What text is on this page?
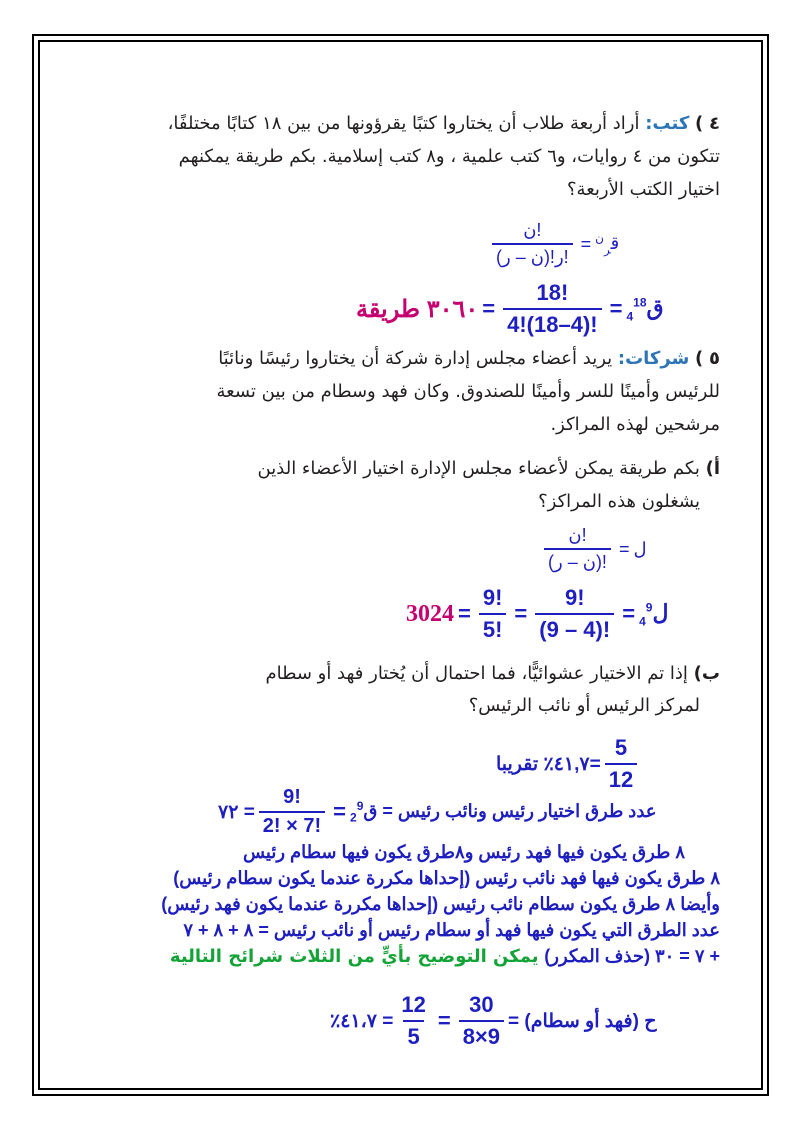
٤ ) كتب: أراد أربعة طلاب أن يختاروا كتبًا يقرؤونها من بين ١٨ كتابًا مختلفًا،
تتكون من ٤ روايات، و٦ كتب علمية ، و٨ كتب إسلامية. بكم طريقة يمكنهم
اختيار الكتب الأربعة؟
$\frac{\text{ن!}}{\text{(ن – ر)!ر!}}$ =	ق$_ر^ن$
٣٠٦٠ طريقة = $\frac{18!}{4!(18-4)!}$ =	ق$_4^{18}$
٥ ) شركات: يريد أعضاء مجلس إدارة شركة أن يختاروا رئيسًا ونائبًا
للرئيس وأمينًا للسر وأمينًا للصندوق. وكان فهد وسطام من بين تسعة
مرشحين لهذه المراكز.
أ) بكم طريقة يمكن لأعضاء مجلس الإدارة اختيار الأعضاء الذين
يشغلون هذه المراكز؟
$\frac{\text{ن!}}{\text{(ن – ر)!}}$ = ل
$3024 = \frac{9!}{5!} = \frac{9!}{(9 - 4)!}$ = ل$_4^9$
ب) إذا تم الاختيار عشوائيًّا، فما احتمال أن يُختار فهد أو سطام
لمركز الرئيس أو نائب الرئيس؟
=٤١,٧٪ تقريبا $\frac{5}{12}$
= ٧٢ $\frac{9!}{2! \times 7!}$ =	عدد طرق اختيار رئيس ونائب رئيس = ق$_2^9$
٨ طرق يكون فيها فهد رئيس و٨طرق يكون فيها سطام رئيس
٨ طرق يكون فيها فهد نائب رئيس (إحداها مكررة عندما يكون سطام رئيس)
وأيضا ٨ طرق يكون سطام نائب رئيس (إحداها مكررة عندما يكون فهد رئيس)
عدد الطرق التي يكون فيها فهد أو سطام رئيس أو نائب رئيس = ٨ + ٨ + ٧
+ ٧ = ٣٠ (حذف المكرر) يمكن التوضيح بأيٍّ من الثلاث شرائح التالية
= ٤١،٧٪ $\frac{12}{5} = \frac{30}{8\times 9}$ ح (فهد أو سطام) =
